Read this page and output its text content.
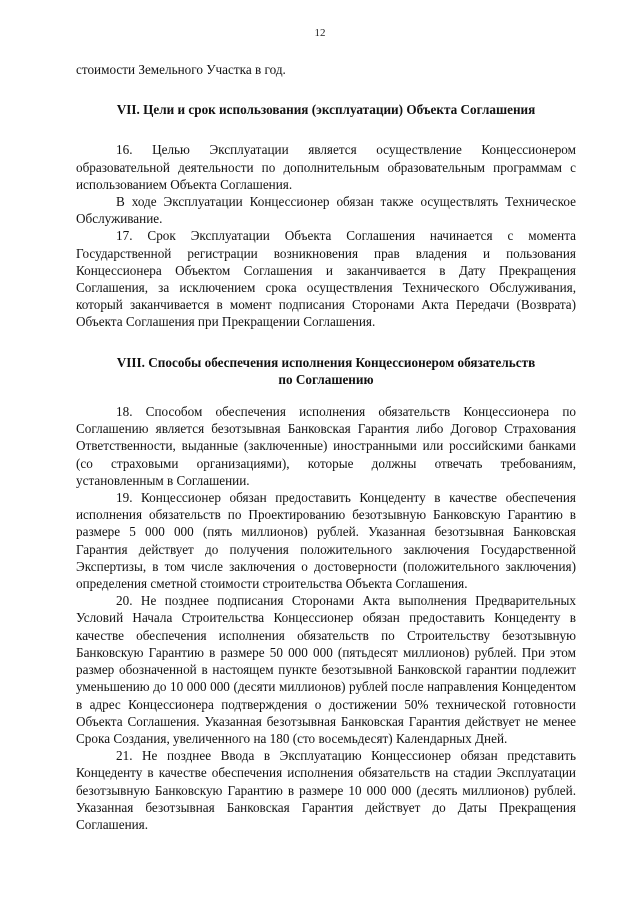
12

стоимости Земельного Участка в год.

VII. Цели и срок использования (эксплуатации) Объекта Соглашения

16. Целью Эксплуатации является осуществление Концессионером образовательной деятельности по дополнительным образовательным программам с использованием Объекта Соглашения.

В ходе Эксплуатации Концессионер обязан также осуществлять Техническое Обслуживание.

17. Срок Эксплуатации Объекта Соглашения начинается с момента Государственной регистрации возникновения прав владения и пользования Концессионера Объектом Соглашения и заканчивается в Дату Прекращения Соглашения, за исключением срока осуществления Технического Обслуживания, который заканчивается в момент подписания Сторонами Акта Передачи (Возврата) Объекта Соглашения при Прекращении Соглашения.

VIII. Способы обеспечения исполнения Концессионером обязательств
по Соглашению

18. Способом обеспечения исполнения обязательств Концессионера по Соглашению является безотзывная Банковская Гарантия либо Договор Страхования Ответственности, выданные (заключенные) иностранными или российскими банками (со страховыми организациями), которые должны отвечать требованиям, установленным в Соглашении.

19. Концессионер обязан предоставить Концеденту в качестве обеспечения исполнения обязательств по Проектированию безотзывную Банковскую Гарантию в размере 5 000 000 (пять миллионов) рублей. Указанная безотзывная Банковская Гарантия действует до получения положительного заключения Государственной Экспертизы, в том числе заключения о достоверности (положительного заключения) определения сметной стоимости строительства Объекта Соглашения.

20. Не позднее подписания Сторонами Акта выполнения Предварительных Условий Начала Строительства Концессионер обязан предоставить Концеденту в качестве обеспечения исполнения обязательств по Строительству безотзывную Банковскую Гарантию в размере 50 000 000 (пятьдесят миллионов) рублей. При этом размер обозначенной в настоящем пункте безотзывной Банковской гарантии подлежит уменьшению до 10 000 000 (десяти миллионов) рублей после направления Концедентом в адрес Концессионера подтверждения о достижении 50% технической готовности Объекта Соглашения. Указанная безотзывная Банковская Гарантия действует не менее Срока Создания, увеличенного на 180 (сто восемьдесят) Календарных Дней.

21. Не позднее Ввода в Эксплуатацию Концессионер обязан представить Концеденту в качестве обеспечения исполнения обязательств на стадии Эксплуатации безотзывную Банковскую Гарантию в размере 10 000 000 (десять миллионов) рублей. Указанная безотзывная Банковская Гарантия действует до Даты Прекращения Соглашения.
